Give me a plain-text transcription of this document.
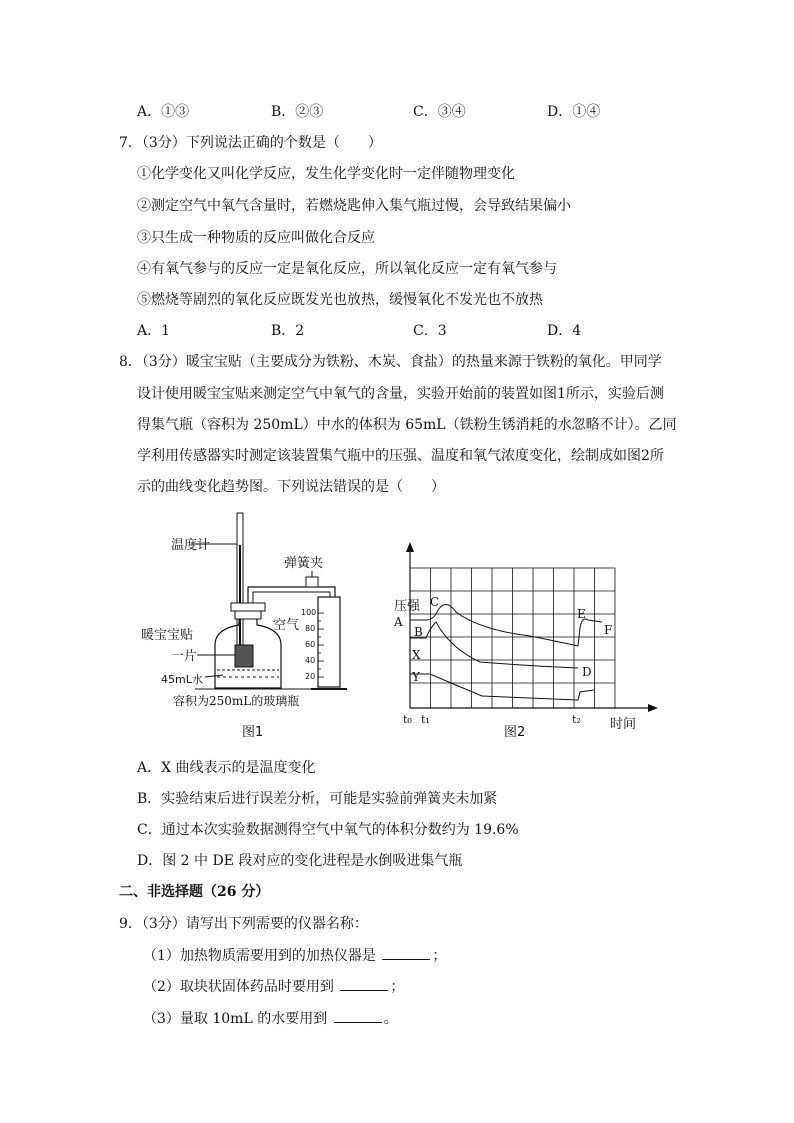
A．①③	B．②③	C．③④	D．①④
7．（3分）下列说法正确的个数是（　　）
①化学变化又叫化学反应，发生化学变化时一定伴随物理变化
②测定空气中氧气含量时，若燃烧匙伸入集气瓶过慢，会导致结果偏小
③只生成一种物质的反应叫做化合反应
④有氧气参与的反应一定是氧化反应，所以氧化反应一定有氧气参与
⑤燃烧等剧烈的氧化反应既发光也放热，缓慢氧化不发光也不放热
A．1	B．2	C．3	D．4
8．（3分）暖宝宝贴（主要成分为铁粉、木炭、食盐）的热量来源于铁粉的氧化。甲同学
设计使用暖宝宝贴来测定空气中氧气的含量，实验开始前的装置如图1所示，实验后测
得集气瓶（容积为 250mL）中水的体积为 65mL（铁粉生锈消耗的水忽略不计）。乙同
学利用传感器实时测定该装置集气瓶中的压强、温度和氧气浓度变化，绘制成如图2所
示的曲线变化趋势图。下列说法错误的是（　　）
温度计
弹簧夹
100
80
60
40
20
空气
暖宝宝贴
一片
45mL水
容积为250mL的玻璃瓶
图1
压强
A
B
C
X
Y	D
E
F
t₀ t₁	t₂ 时间
图2
A．X 曲线表示的是温度变化
B．实验结束后进行误差分析，可能是实验前弹簧夹未加紧
C．通过本次实验数据测得空气中氧气的体积分数约为 19.6%
D．图 2 中 DE 段对应的变化进程是水倒吸进集气瓶
二、非选择题（26 分）
9．（3分）请写出下列需要的仪器名称：
（1）加热物质需要用到的加热仪器是	；
（2）取块状固体药品时要用到	；
（3）量取 10mL 的水要用到	。
